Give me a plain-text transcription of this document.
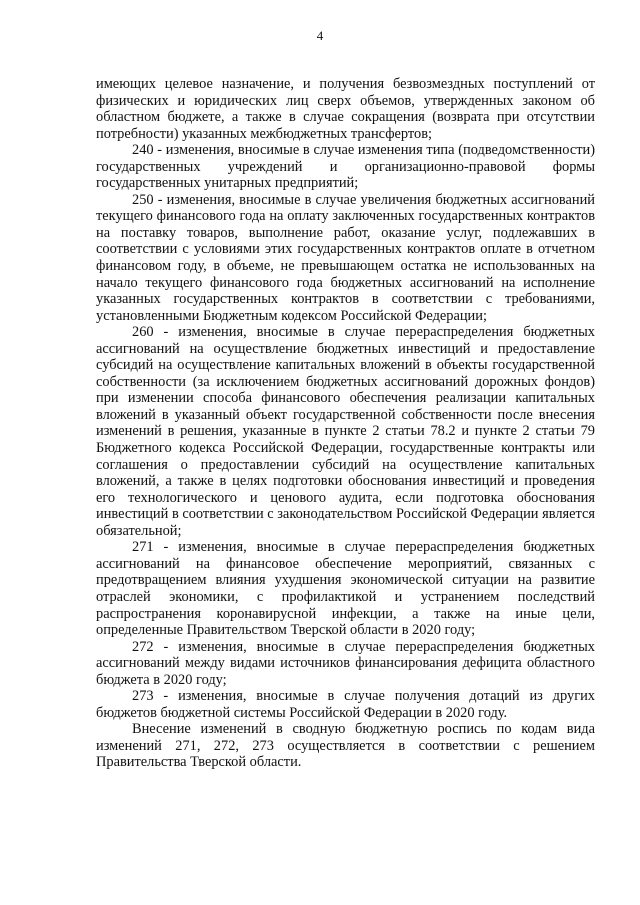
4

имеющих целевое назначение, и получения безвозмездных поступлений от физических и юридических лиц сверх объемов, утвержденных законом об областном бюджете, а также в случае сокращения (возврата при отсутствии потребности) указанных межбюджетных трансфертов;

240 - изменения, вносимые в случае изменения типа (подведомственности) государственных учреждений и организационно-правовой формы государственных унитарных предприятий;

250 - изменения, вносимые в случае увеличения бюджетных ассигнований текущего финансового года на оплату заключенных государственных контрактов на поставку товаров, выполнение работ, оказание услуг, подлежавших в соответствии с условиями этих государственных контрактов оплате в отчетном финансовом году, в объеме, не превышающем остатка не использованных на начало текущего финансового года бюджетных ассигнований на исполнение указанных государственных контрактов в соответствии с требованиями, установленными Бюджетным кодексом Российской Федерации;

260 - изменения, вносимые в случае перераспределения бюджетных ассигнований на осуществление бюджетных инвестиций и предоставление субсидий на осуществление капитальных вложений в объекты государственной собственности (за исключением бюджетных ассигнований дорожных фондов) при изменении способа финансового обеспечения реализации капитальных вложений в указанный объект государственной собственности после внесения изменений в решения, указанные в пункте 2 статьи 78.2 и пункте 2 статьи 79 Бюджетного кодекса Российской Федерации, государственные контракты или соглашения о предоставлении субсидий на осуществление капитальных вложений, а также в целях подготовки обоснования инвестиций и проведения его технологического и ценового аудита, если подготовка обоснования инвестиций в соответствии с законодательством Российской Федерации является обязательной;

271 - изменения, вносимые в случае перераспределения бюджетных ассигнований на финансовое обеспечение мероприятий, связанных с предотвращением влияния ухудшения экономической ситуации на развитие отраслей экономики, с профилактикой и устранением последствий распространения коронавирусной инфекции, а также на иные цели, определенные Правительством Тверской области в 2020 году;

272 - изменения, вносимые в случае перераспределения бюджетных ассигнований между видами источников финансирования дефицита областного бюджета в 2020 году;

273 - изменения, вносимые в случае получения дотаций из других бюджетов бюджетной системы Российской Федерации в 2020 году.

Внесение изменений в сводную бюджетную роспись по кодам вида изменений 271, 272, 273 осуществляется в соответствии с решением Правительства Тверской области.
